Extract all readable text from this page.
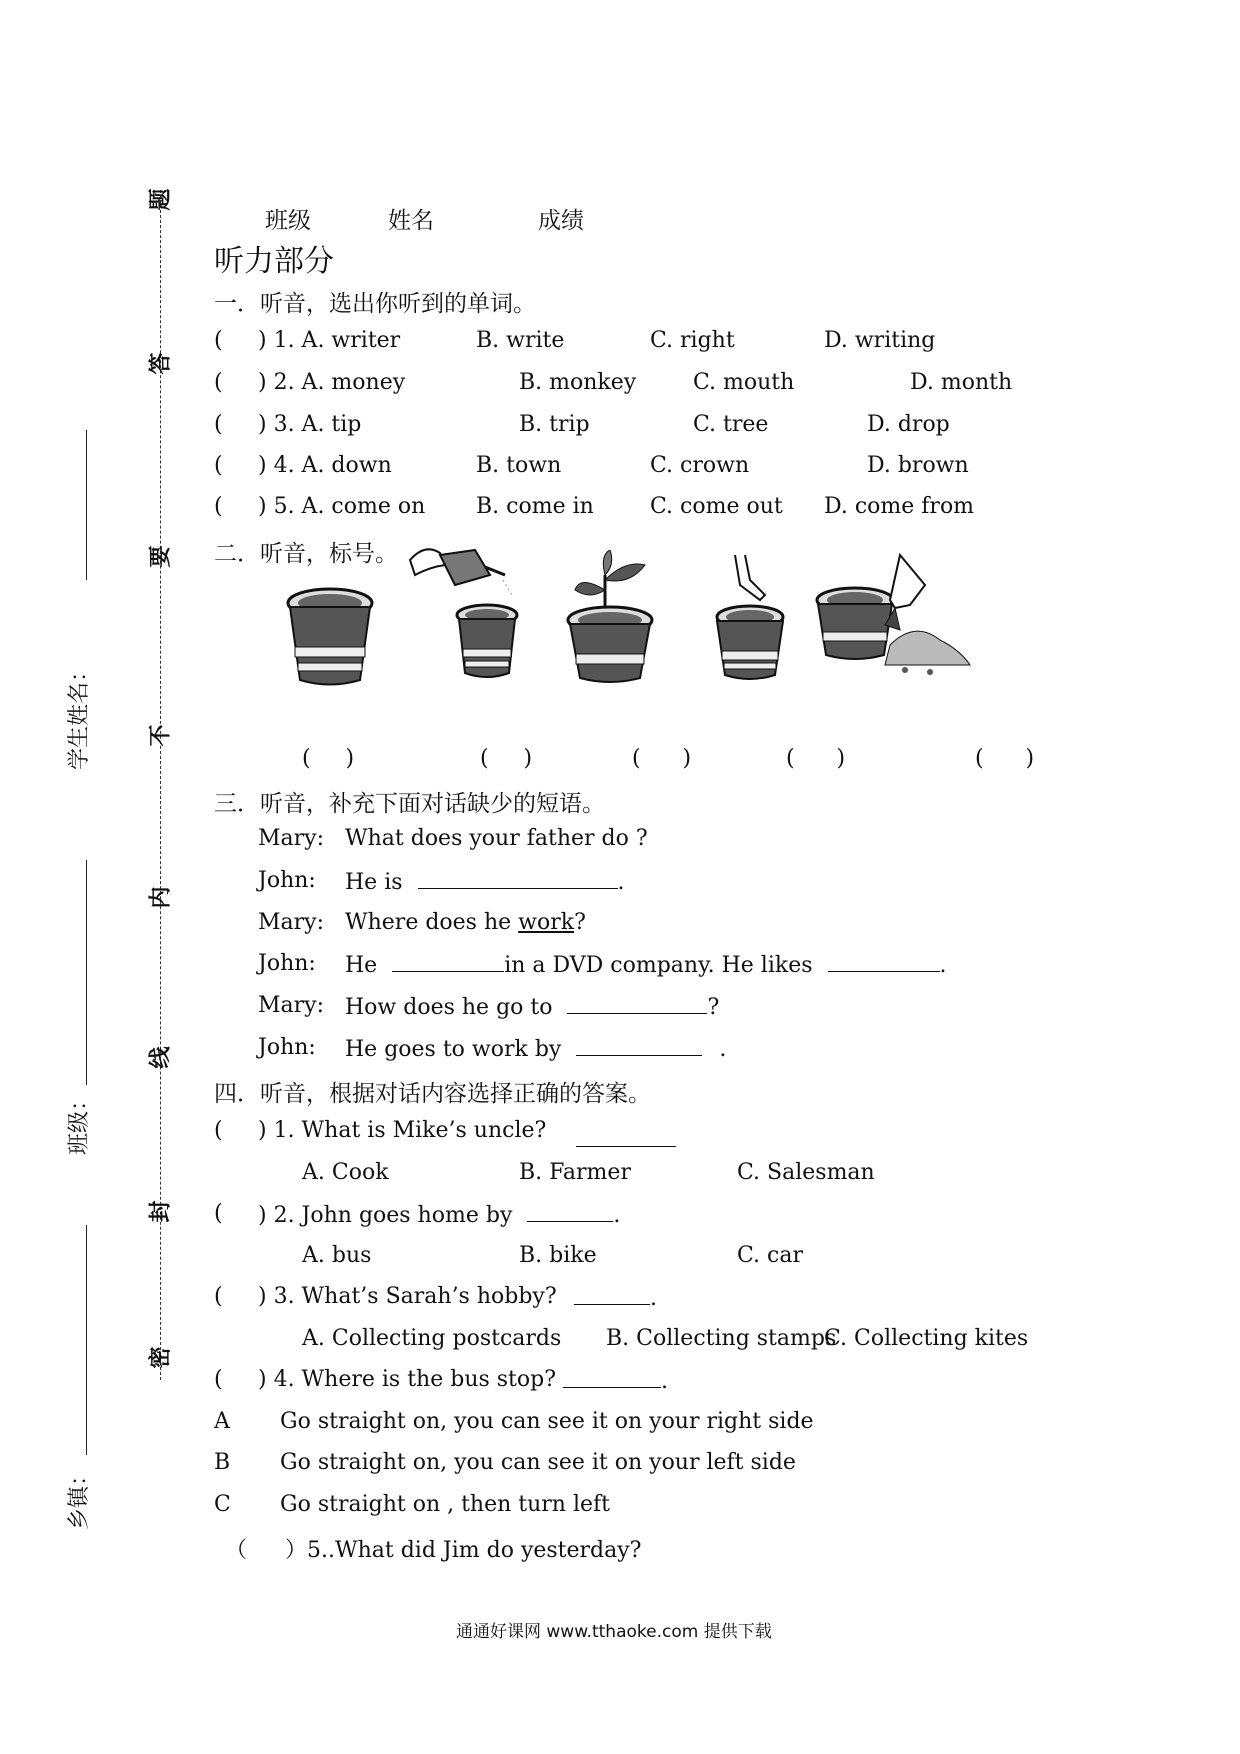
题
答
要
不
内
线
封
密
学生姓名：
班级：
乡镇：
班级	姓名	成绩
听力部分
一．听音，选出你听到的单词。
( ) 1. A. writer	B. write	C. right	D. writing
( ) 2. A. money	B. monkey	C. mouth	D. month
( ) 3. A. tip	B. trip	C. tree	D. drop
( ) 4. A. down	B. town	C. crown	D. brown
( ) 5. A. come on B. come in	C. come out D. come from
二．听音，标号。
(     )	(     )	(      )	(      )	(      )
三．听音，补充下面对话缺少的短语。
Mary: What does your father do ?
John: He is	.
Mary: Where does he work?
John: He	in a DVD company. He likes	.
Mary: How does he go to	?
John: He goes to work by	.
四．听音，根据对话内容选择正确的答案。
( ) 1. What is Mike’s uncle?
A. Cook	B. Farmer	C. Salesman
( ) 2. John goes home by	.
A. bus	B. bike	C. car
( ) 3. What’s Sarah’s hobby?	.
A. Collecting postcards B. Collecting stamps
C. Collecting kites
( ) 4. Where is the bus stop?	.
A Go straight on, you can see it on your right side
B Go straight on, you can see it on your left side
C Go straight on , then turn left
（ ）5..What did Jim do yesterday?
通通好课网 www.tthaoke.com 提供下载
